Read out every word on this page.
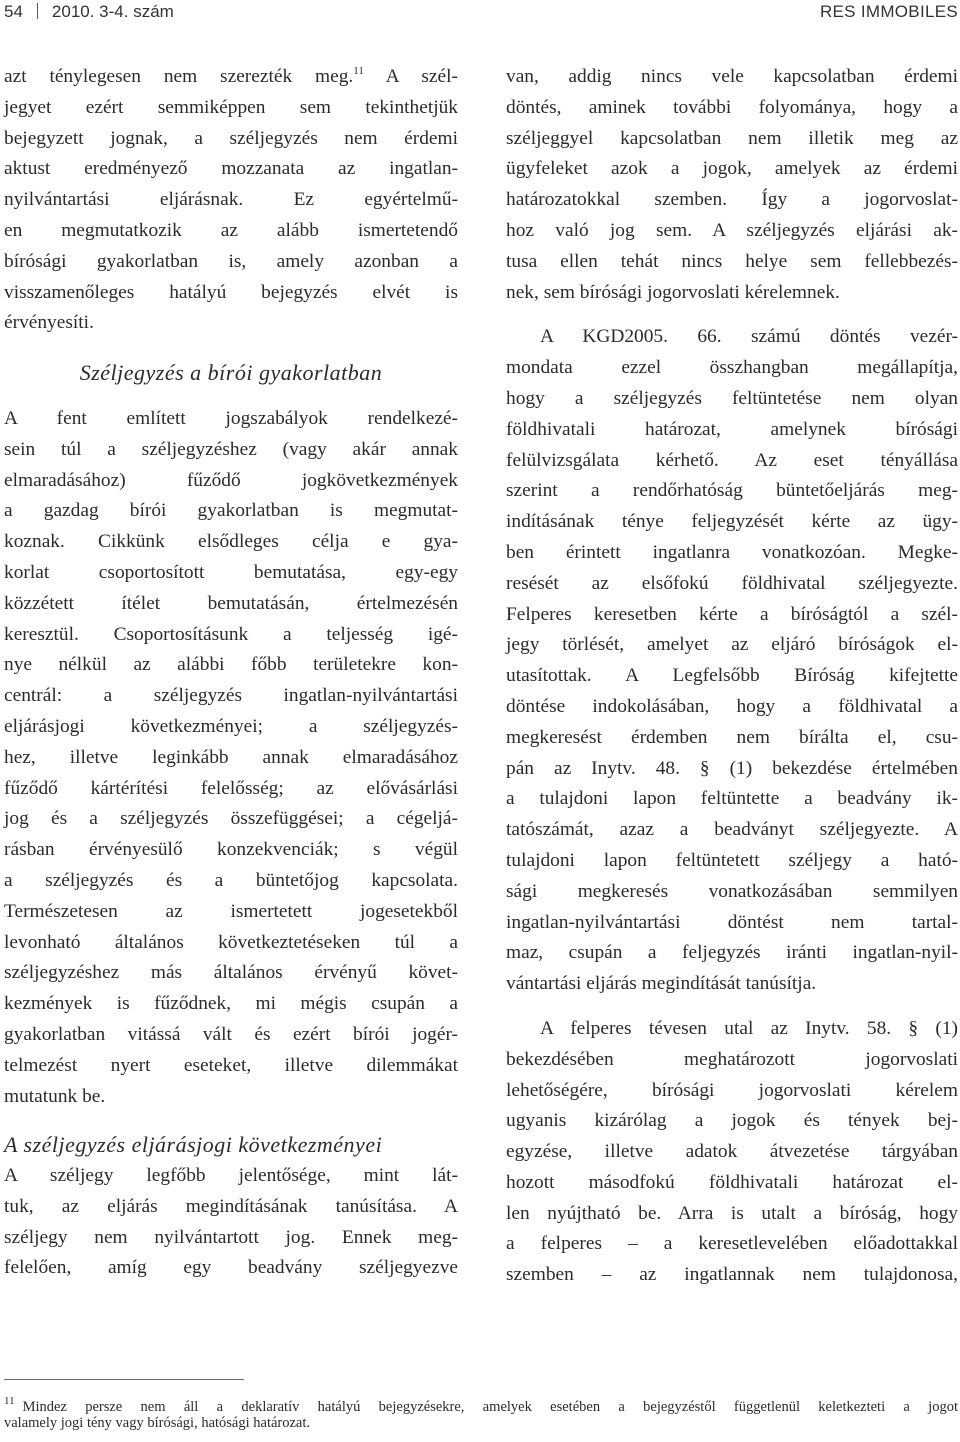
54 2010. 3-4. szám	RES IMMOBILES
azt ténylegesen nem szerezték meg.$^{11}$ A szél-
jegyet ezért semmiképpen sem tekinthetjük
bejegyzett jognak, a széljegyzés nem érdemi
aktust eredményező mozzanata az ingatlan-
nyilvántartási eljárásnak. Ez egyértelmű-
en megmutatkozik az alább ismertetendő
bírósági gyakorlatban is, amely azonban a
visszamenőleges hatályú bejegyzés elvét is
érvényesíti.
Széljegyzés a bírói gyakorlatban
A fent említett jogszabályok rendelkezé-
sein túl a széljegyzéshez (vagy akár annak
elmaradásához) fűződő jogkövetkezmények
a gazdag bírói gyakorlatban is megmutat-
koznak. Cikkünk elsődleges célja e gya-
korlat csoportosított bemutatása, egy-egy
közzétett ítélet bemutatásán, értelmezésén
keresztül. Csoportosításunk a teljesség igé-
nye nélkül az alábbi főbb területekre kon-
centrál: a széljegyzés ingatlan-nyilvántartási
eljárásjogi következményei; a széljegyzés-
hez, illetve leginkább annak elmaradásához
fűződő kártérítési felelősség; az elővásárlási
jog és a széljegyzés összefüggései; a cégeljá-
rásban érvényesülő konzekvenciák; s végül
a széljegyzés és a büntetőjog kapcsolata.
Természetesen az ismertetett jogesetekből
levonható általános következtetéseken túl a
széljegyzéshez más általános érvényű követ-
kezmények is fűződnek, mi mégis csupán a
gyakorlatban vitássá vált és ezért bírói jogér-
telmezést nyert eseteket, illetve dilemmákat
mutatunk be.
A széljegyzés eljárásjogi következményei
A széljegy legfőbb jelentősége, mint lát-
tuk, az eljárás megindításának tanúsítása. A
széljegy nem nyilvántartott jog. Ennek meg-
felelően, amíg egy beadvány széljegyezve
van, addig nincs vele kapcsolatban érdemi
döntés, aminek további folyománya, hogy a
széljeggyel kapcsolatban nem illetik meg az
ügyfeleket azok a jogok, amelyek az érdemi
határozatokkal szemben. Így a jogorvoslat-
hoz való jog sem. A széljegyzés eljárási ak-
tusa ellen tehát nincs helye sem fellebbezés-
nek, sem bírósági jogorvoslati kérelemnek.
A KGD2005. 66. számú döntés vezér-
mondata ezzel összhangban megállapítja,
hogy a széljegyzés feltüntetése nem olyan
földhivatali határozat, amelynek bírósági
felülvizsgálata kérhető. Az eset tényállása
szerint a rendőrhatóság büntetőeljárás meg-
indításának tényе feljegyzését kérte az ügy-
ben érintett ingatlanra vonatkozóan. Megke-
resését az elsőfokú földhivatal széljegyezte.
Felperes keresetben kérte a bíróságtól a szél-
jegy törlését, amelyet az eljáró bíróságok el-
utasítottak. A Legfelsőbb Bíróság kifejtette
döntése indokolásában, hogy a földhivatal a
megkeresést érdemben nem bírálta el, csu-
pán az Inytv. 48. § (1) bekezdése értelmében
a tulajdoni lapon feltüntette a beadvány ik-
tatószámát, azaz a beadványt széljegyezte. A
tulajdoni lapon feltüntetett széljegy a ható-
sági megkeresés vonatkozásában semmilyen
ingatlan-nyilvántartási döntést nem tartal-
maz, csupán a feljegyzés iránti ingatlan-nyil-
vántartási eljárás megindítását tanúsítja.
A felperes tévesen utal az Inytv. 58. § (1)
bekezdésében meghatározott jogorvoslati
lehetőségére, bírósági jogorvoslati kérelem
ugyanis kizárólag a jogok és tények bej-
egyzése, illetve adatok átvezetése tárgyában
hozott másodfokú földhivatali határozat el-
len nyújtható be. Arra is utalt a bíróság, hogy
a felperes – a keresetlevelében előadottakkal
szemben – az ingatlannak nem tulajdonosa,
$^{11}$ Mindez persze nem áll a deklaratív hatályú bejegyzésekre, amelyek esetében a bejegyzéstől függetlenül keletkezteti a jogot
valamely jogi tény vagy bírósági, hatósági határozat.
